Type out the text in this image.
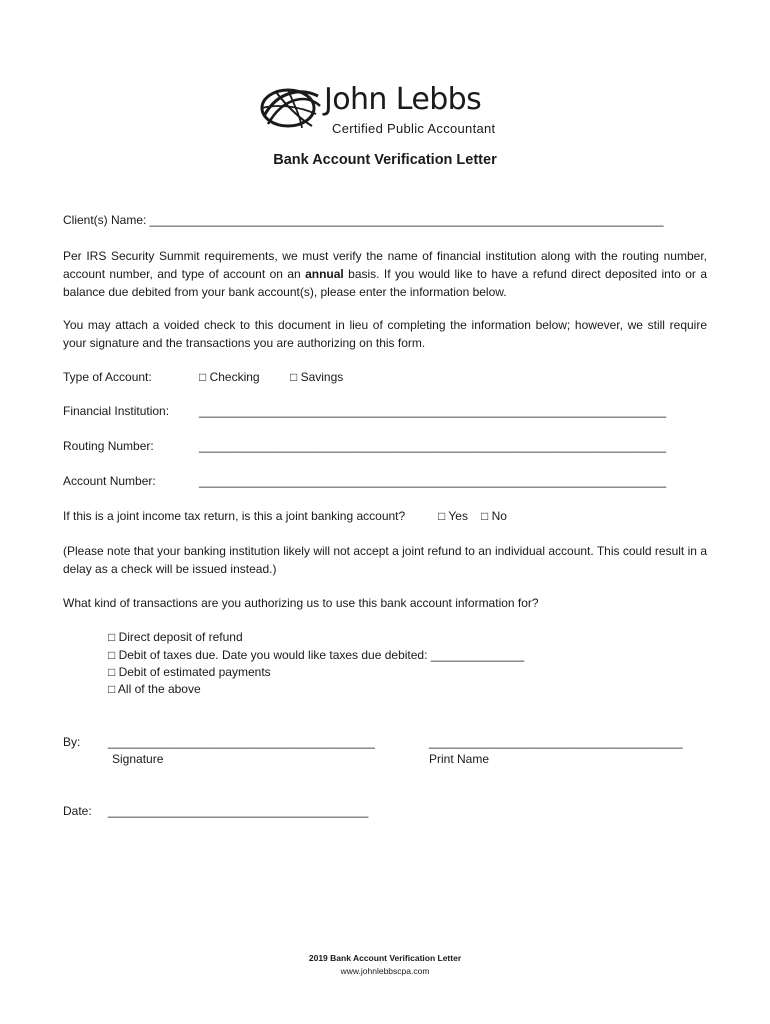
John Lebbs
Certified Public Accountant
Bank Account Verification Letter
Client(s) Name: _____________________________________________________________________________
Per IRS Security Summit requirements, we must verify the name of financial institution along with the routing number, account number, and type of account on an annual basis. If you would like to have a refund direct deposited into or a balance due debited from your bank account(s), please enter the information below.
You may attach a voided check to this document in lieu of completing the information below; however, we still require your signature and the transactions you are authorizing on this form.
Type of Account:	□ Checking	□ Savings
Financial Institution: ______________________________________________________________________
Routing Number:	______________________________________________________________________
Account Number:	______________________________________________________________________
If this is a joint income tax return, is this a joint banking account?	□ Yes □ No
(Please note that your banking institution likely will not accept a joint refund to an individual account. This could result in a delay as a check will be issued instead.)
What kind of transactions are you authorizing us to use this bank account information for?
□ Direct deposit of refund
□ Debit of taxes due. Date you would like taxes due debited: ______________
□ Debit of estimated payments
□ All of the above
By: ________________________________________	______________________________________
Signature	Print Name
Date: _______________________________________
2019 Bank Account Verification Letter
www.johnlebbscpa.com
